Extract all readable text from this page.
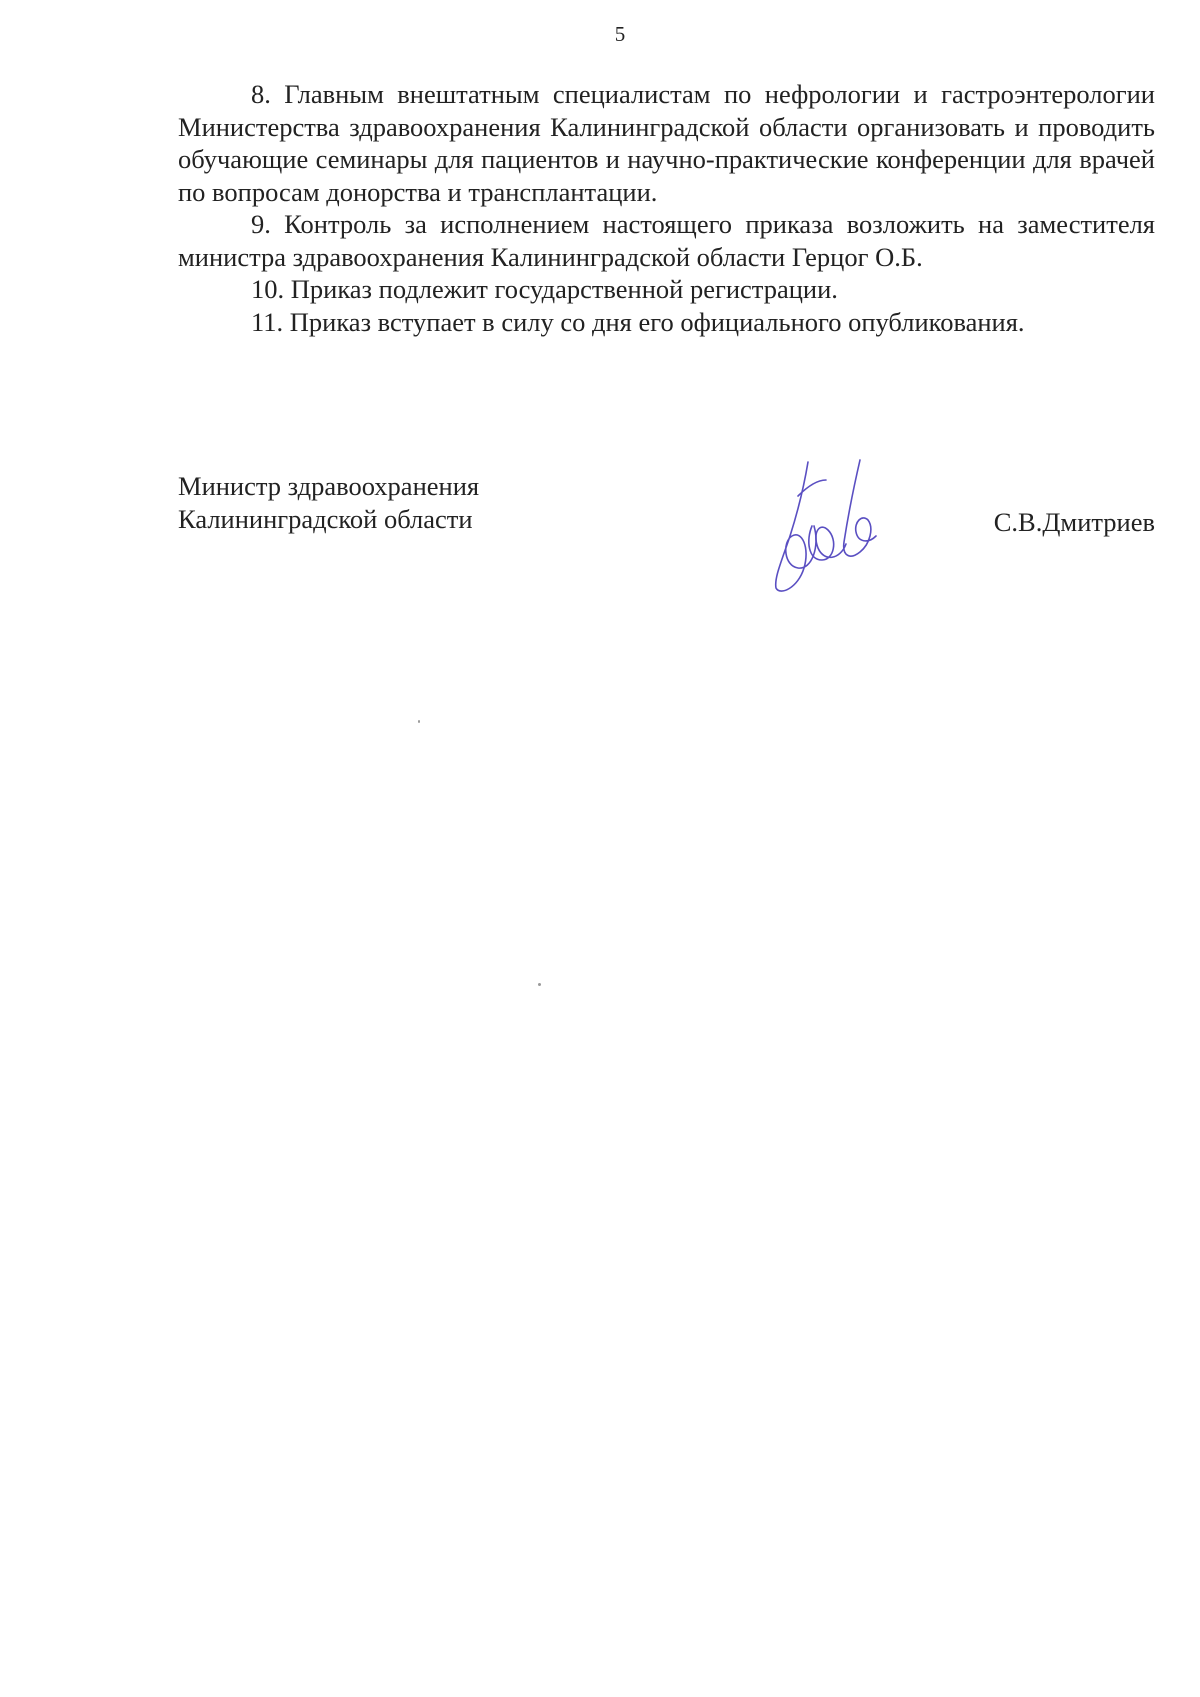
5

8. Главным внештатным специалистам по нефрологии и гастроэнтерологии Министерства здравоохранения Калининградской области организовать и проводить обучающие семинары для пациентов и научно-практические конференции для врачей по вопросам донорства и трансплантации.

9. Контроль за исполнением настоящего приказа возложить на заместителя министра здравоохранения Калининградской области Герцог О.Б.

10. Приказ подлежит государственной регистрации.

11. Приказ вступает в силу со дня его официального опубликования.

Министр здравоохранения
Калининградской области	С.В.Дмитриев
